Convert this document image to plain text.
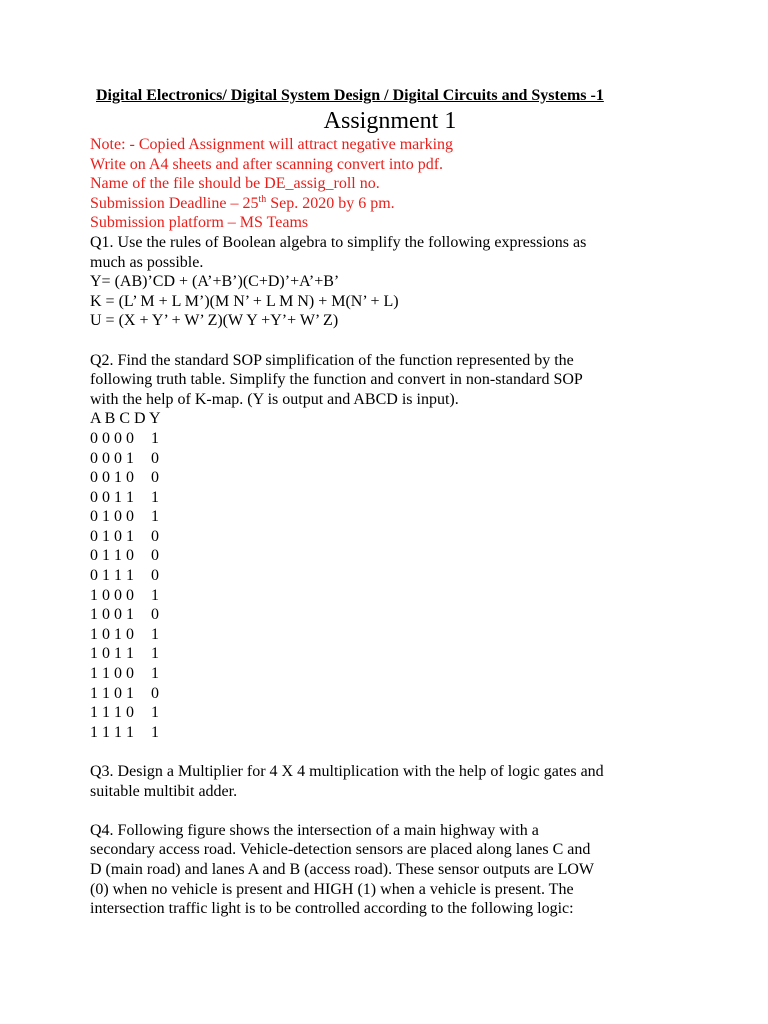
Digital Electronics/ Digital System Design / Digital Circuits and Systems -1
Assignment 1
Note: - Copied Assignment will attract negative marking
Write on A4 sheets and after scanning convert into pdf.
Name of the file should be DE_assig_roll no.
Submission Deadline – 25th Sep. 2020 by 6 pm.
Submission platform – MS Teams
Q1. Use the rules of Boolean algebra to simplify the following expressions as
much as possible.
Y= (AB)’CD + (A’+B’)(C+D)’+A’+B’
K = (L’ M + L M’)(M N’ + L M N) + M(N’ + L)
U = (X + Y’ + W’ Z)(W Y +Y’+ W’ Z)
Q2. Find the standard SOP simplification of the function represented by the
following truth table. Simplify the function and convert in non-standard SOP
with the help of K-map. (Y is output and ABCD is input).
A B C D Y
0 0 0 0	1
0 0 0 1	0
0 0 1 0	0
0 0 1 1	1
0 1 0 0	1
0 1 0 1	0
0 1 1 0	0
0 1 1 1	0
1 0 0 0	1
1 0 0 1	0
1 0 1 0	1
1 0 1 1	1
1 1 0 0	1
1 1 0 1	0
1 1 1 0	1
1 1 1 1	1
Q3. Design a Multiplier for 4 X 4 multiplication with the help of logic gates and
suitable multibit adder.
Q4. Following figure shows the intersection of a main highway with a
secondary access road. Vehicle-detection sensors are placed along lanes C and
D (main road) and lanes A and B (access road). These sensor outputs are LOW
(0) when no vehicle is present and HIGH (1) when a vehicle is present. The
intersection traffic light is to be controlled according to the following logic:
